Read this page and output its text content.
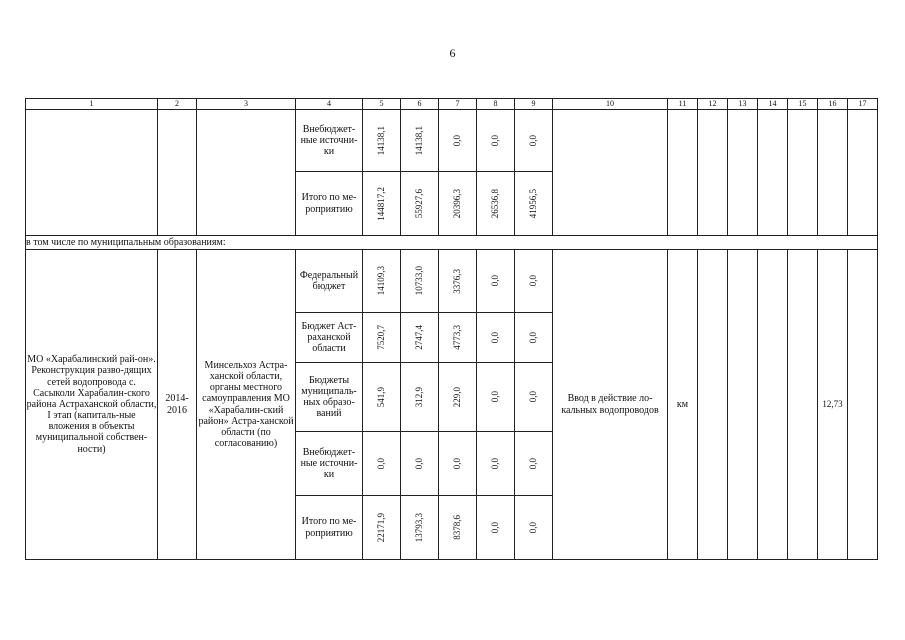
6
1	2	3	4	5	6	7	8	9	10	11	12	13	14	15	16	17
			Внебюджет-ные источни-ки	14138,1	14138,1	0,0	0,0	0,0								

			Итого по ме-роприятию	144817,2	55927,6	20396,3	26536,8	41956,5								

в том числе по муниципальным образованиям:																
МО «Харабалинский рай-он». Реконструкция разво-дящих сетей водопровода с. Сасыколи Харабалин-ского района Астраханской области, I этап (капиталь-ные вложения в объекты муниципальной собствен-ности)	2014-2016	Минсельхоз Астра-ханской области, органы местного самоуправления МО «Харабалин-ский район» Астра-ханской области (по согласованию)	Федеральный бюджет	14109,3	10733,0	3376,3	0,0	0,0	Ввод в действие ло-кальных водопроводов	км					12,73	
			Бюджет Аст-раханской области	7520,7	2747,4	4773,3	0,0	0,0								

			Бюджеты муниципаль-ных образо-ваний	541,9	312,9	229,0	0,0	0,0								

			Внебюджет-ные источни-ки	0,0	0,0	0,0	0,0	0,0								

			Итого по ме-роприятию	22171,9	13793,3	8378,6	0,0	0,0								
